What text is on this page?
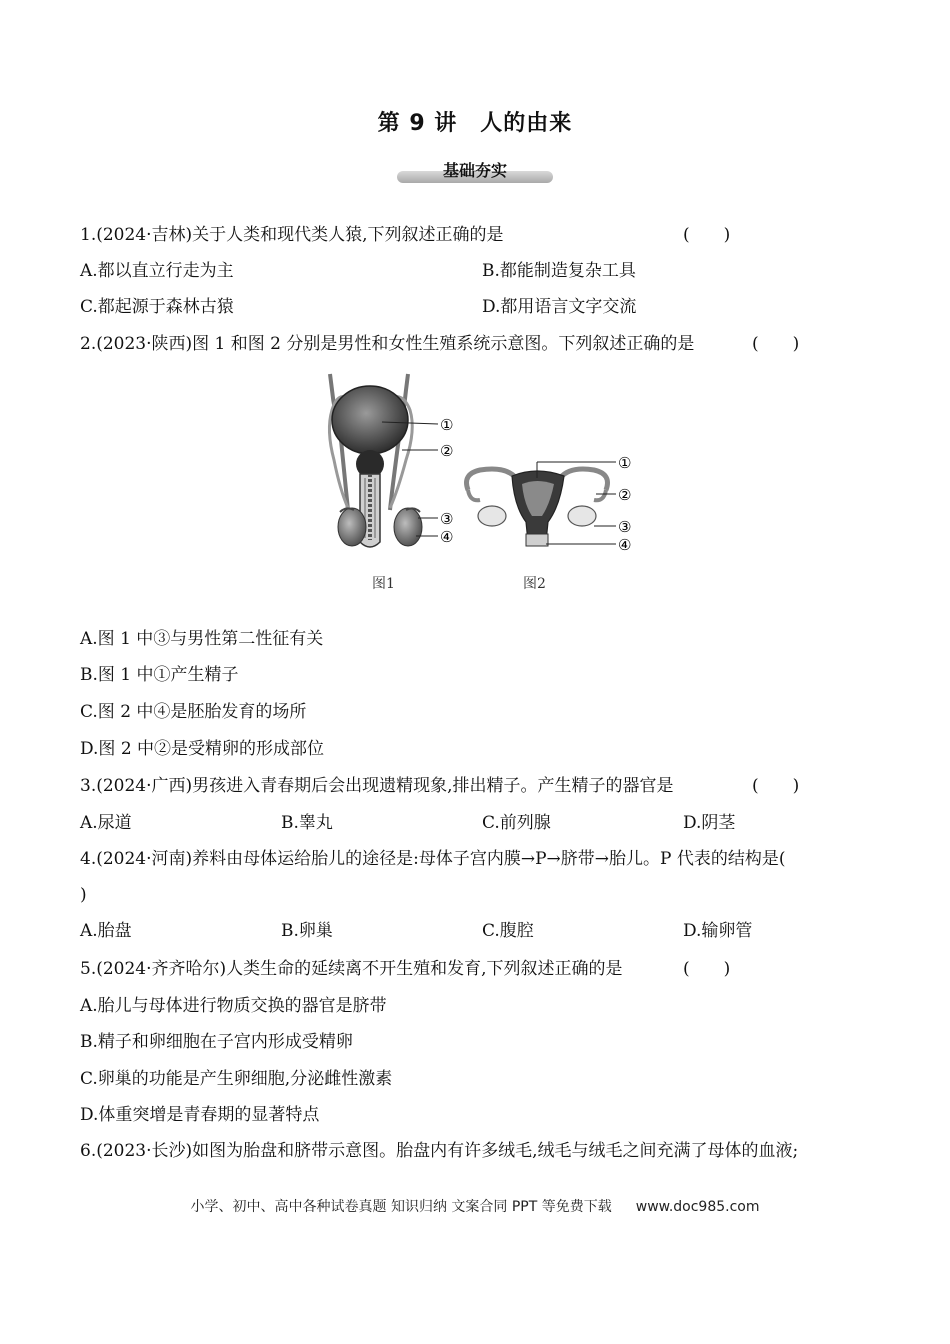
第 9 讲　人的由来
基础夯实
1.(2024·吉林)关于人类和现代类人猿,下列叙述正确的是	(　　)
A.都以直立行走为主	B.都能制造复杂工具
C.都起源于森林古猿	D.都用语言文字交流
2.(2023·陕西)图 1 和图 2 分别是男性和女性生殖系统示意图。下列叙述正确的是	(　　)
①
②
③
④
①
②
③
④
图1	图2
A.图 1 中③与男性第二性征有关
B.图 1 中①产生精子
C.图 2 中④是胚胎发育的场所
D.图 2 中②是受精卵的形成部位
3.(2024·广西)男孩进入青春期后会出现遗精现象,排出精子。产生精子的器官是	(　　)
A.尿道	B.睾丸	C.前列腺	D.阴茎
4.(2024·河南)养料由母体运给胎儿的途径是:母体子宫内膜→P→脐带→胎儿。P 代表的结构是(
)
A.胎盘	B.卵巢	C.腹腔	D.输卵管
5.(2024·齐齐哈尔)人类生命的延续离不开生殖和发育,下列叙述正确的是	(　　)
A.胎儿与母体进行物质交换的器官是脐带
B.精子和卵细胞在子宫内形成受精卵
C.卵巢的功能是产生卵细胞,分泌雌性激素
D.体重突增是青春期的显著特点
6.(2023·长沙)如图为胎盘和脐带示意图。胎盘内有许多绒毛,绒毛与绒毛之间充满了母体的血液;
小学、初中、高中各种试卷真题 知识归纳 文案合同 PPT 等免费下载 www.doc985.com
